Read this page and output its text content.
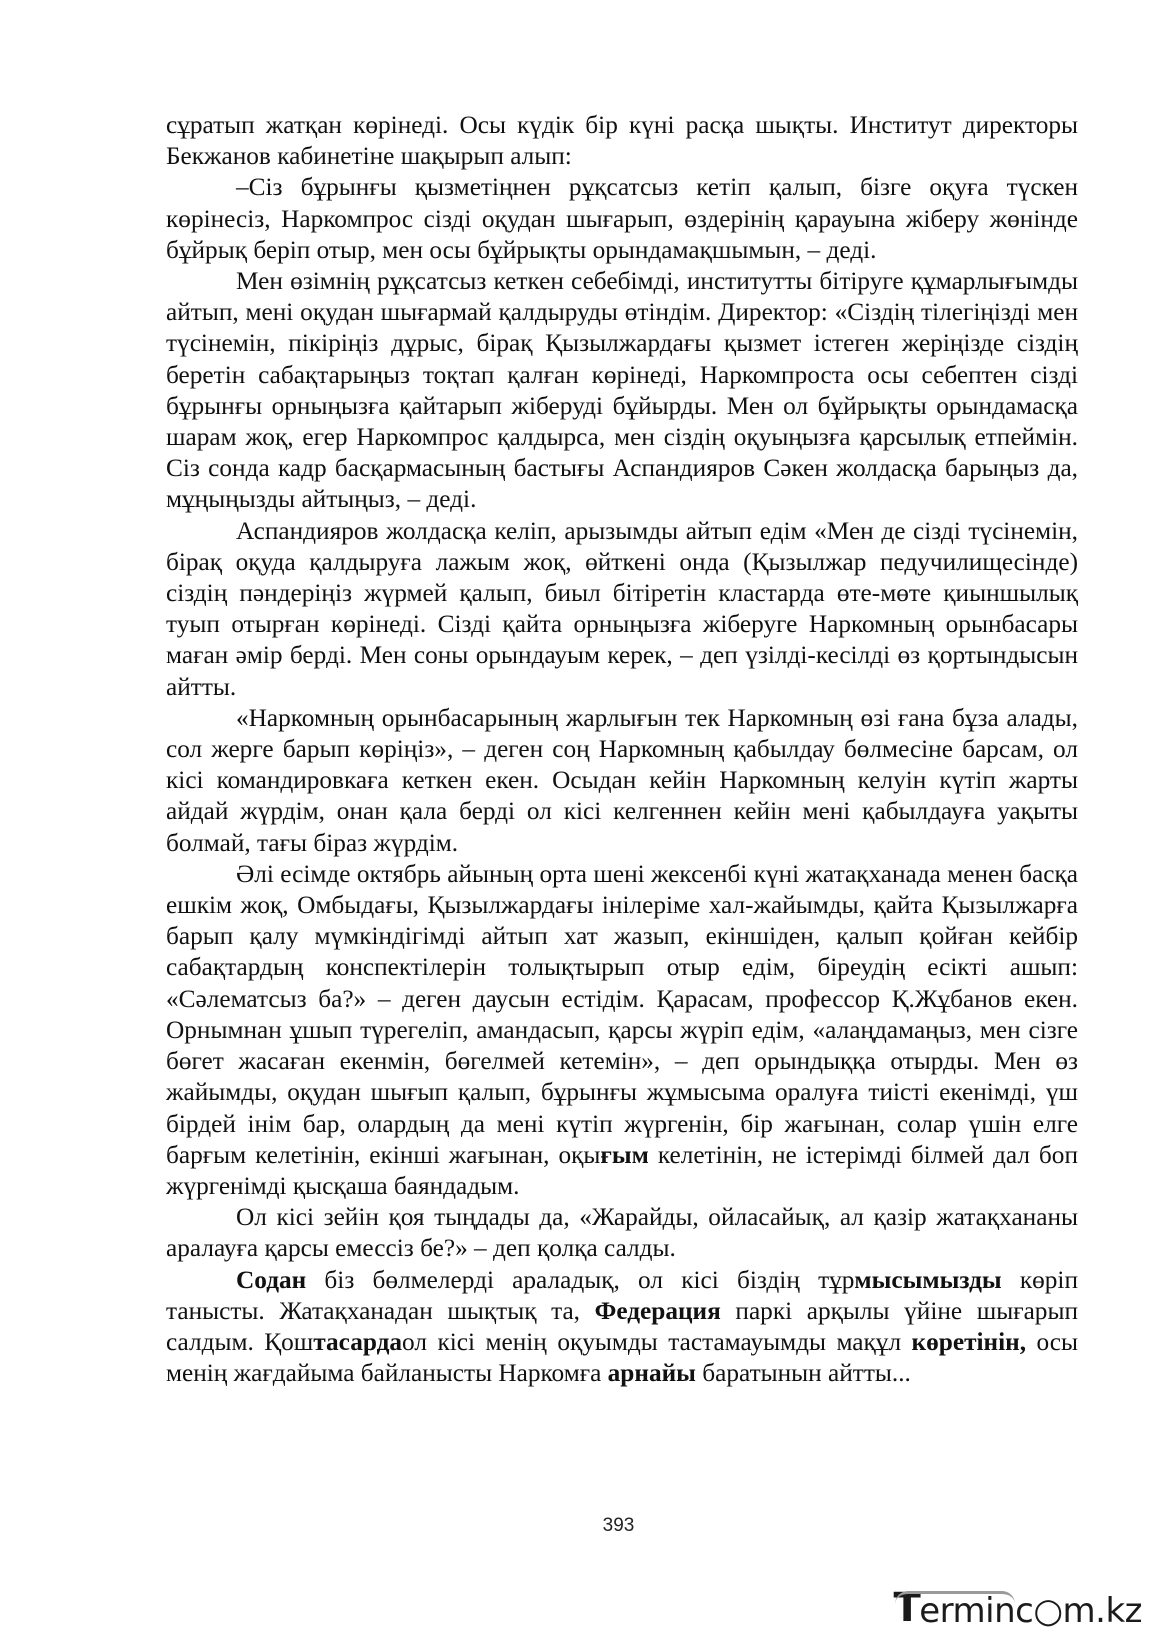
сұратып жатқан көрінеді. Осы күдік бір күні расқа шықты. Институт директоры Бекжанов кабинетіне шақырып алып:

–Сіз бұрынғы қызметіңнен рұқсатсыз кетіп қалып, бізге оқуға түскен көрінесіз, Наркомпрос сізді оқудан шығарып, өздерінің қарауына жіберу жөнінде бұйрық беріп отыр, мен осы бұйрықты орындамақшымын, – деді.

Мен өзімнің рұқсатсыз кеткен себебімді, институтты бітіруге құмарлығымды айтып, мені оқудан шығармай қалдыруды өтіндім. Директор: «Сіздің тілегіңізді мен түсінемін, пікіріңіз дұрыс, бірақ Қызылжардағы қызмет істеген жеріңізде сіздің беретін сабақтарыңыз тоқтап қалған көрінеді, Наркомпроста осы себептен сізді бұрынғы орныңызға қайтарып жіберуді бұйырды. Мен ол бұйрықты орындамасқа шарам жоқ, егер Наркомпрос қалдырса, мен сіздің оқуыңызға қарсылық етпеймін. Сіз сонда кадр басқармасының бастығы Аспандияров Сәкен жолдасқа барыңыз да, мұңыңызды айтыңыз, – деді.

Аспандияров жолдасқа келіп, арызымды айтып едім «Мен де сізді түсінемін, бірақ оқуда қалдыруға лажым жоқ, өйткені онда (Қызылжар педучилищесінде) сіздің пәндеріңіз жүрмей қалып, биыл бітіретін кластарда өте-мөте қиыншылық туып отырған көрінеді. Сізді қайта орныңызға жіберуге Наркомның орынбасары маған әмір берді. Мен соны орындауым керек, – деп үзілді-кесілді өз қортындысын айтты.

«Наркомның орынбасарының жарлығын тек Наркомның өзі ғана бұза алады, сол жерге барып көріңіз», – деген соң Наркомның қабылдау бөлмесіне барсам, ол кісі командировкаға кеткен екен. Осыдан кейін Наркомның келуін күтіп жарты айдай жүрдім, онан қала берді ол кісі келгеннен кейін мені қабылдауға уақыты болмай, тағы біраз жүрдім.

Әлі есімде октябрь айының орта шені жексенбі күні жатақханада менен басқа ешкім жоқ, Омбыдағы, Қызылжардағы інілеріме хал-жайымды, қайта Қызылжарға барып қалу мүмкіндігімді айтып хат жазып, екіншіден, қалып қойған кейбір сабақтардың конспектілерін толықтырып отыр едім, біреудің есікті ашып: «Сәлематсыз ба?» – деген даусын естідім. Қарасам, профессор Қ.Жұбанов екен. Орнымнан ұшып түрегеліп, амандасып, қарсы жүріп едім, «алаңдамаңыз, мен сізге бөгет жасаған екенмін, бөгелмей кетемін», – деп орындыққа отырды. Мен өз жайымды, оқудан шығып қалып, бұрынғы жұмысыма оралуға тиісті екенімді, үш бірдей інім бар, олардың да мені күтіп жүргенін, бір жағынан, солар үшін елге барғым келетінін, екінші жағынан, оқығым келетінін, не істерімді білмей дал боп жүргенімді қысқаша баяндадым.

Ол кісі зейін қоя тыңдады да, «Жарайды, ойласайық, ал қазір жатақхананы аралауға қарсы емессіз бе?» – деп қолқа салды.

Содан біз бөлмелерді араладық, ол кісі біздің тұрмысымызды көріп танысты. Жатақханадан шықтық та, Федерация паркі арқылы үйіне шығарып салдым. Қоштасардаол кісі менің оқуымды тастамауымды мақұл көретінін, осы менің жағдайыма байланысты Наркомға арнайы баратынын айтты...

393
T erminc ○ m.kz
